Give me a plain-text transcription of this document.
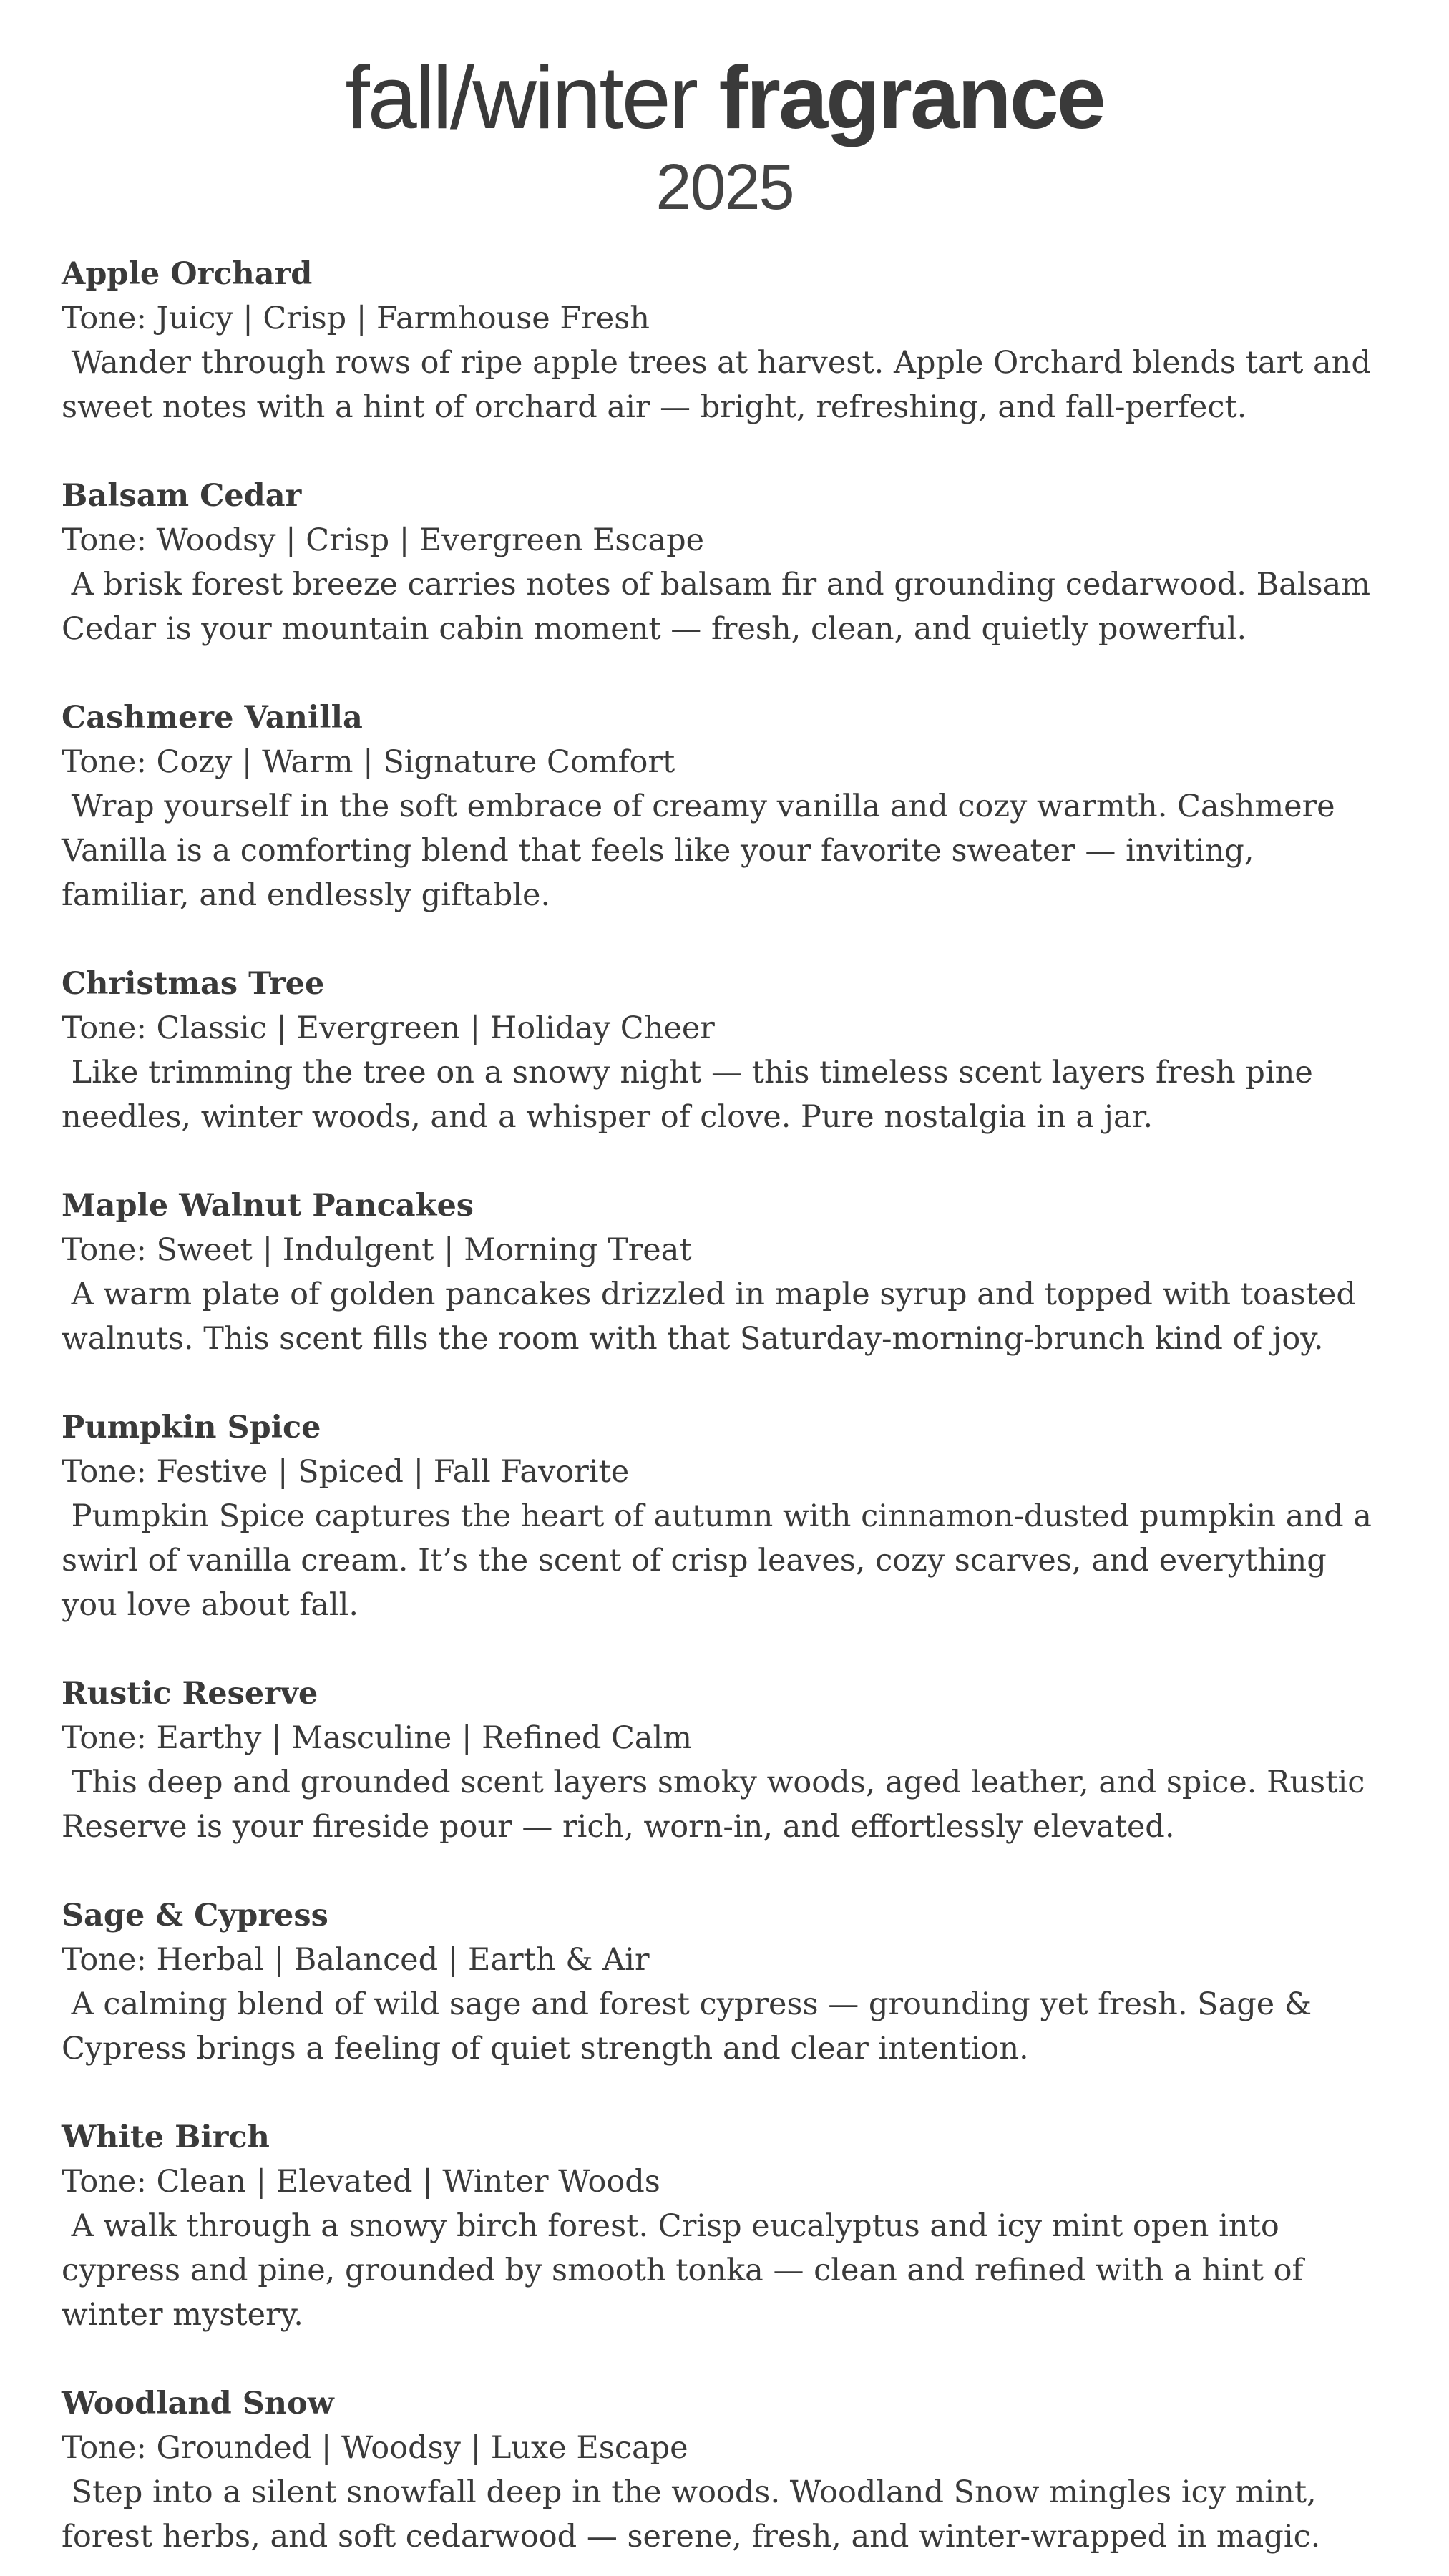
fall/winter fragrance
2025

Apple Orchard

Tone: Juicy | Crisp | Farmhouse Fresh

Wander through rows of ripe apple trees at harvest. Apple Orchard blends tart and sweet notes with a hint of orchard air — bright, refreshing, and fall-perfect.

Balsam Cedar

Tone: Woodsy | Crisp | Evergreen Escape

A brisk forest breeze carries notes of balsam fir and grounding cedarwood. Balsam Cedar is your mountain cabin moment — fresh, clean, and quietly powerful.

Cashmere Vanilla

Tone: Cozy | Warm | Signature Comfort

Wrap yourself in the soft embrace of creamy vanilla and cozy warmth. Cashmere Vanilla is a comforting blend that feels like your favorite sweater — inviting, familiar, and endlessly giftable.

Christmas Tree

Tone: Classic | Evergreen | Holiday Cheer

Like trimming the tree on a snowy night — this timeless scent layers fresh pine needles, winter woods, and a whisper of clove. Pure nostalgia in a jar.

Maple Walnut Pancakes

Tone: Sweet | Indulgent | Morning Treat

A warm plate of golden pancakes drizzled in maple syrup and topped with toasted walnuts. This scent fills the room with that Saturday-morning-brunch kind of joy.

Pumpkin Spice

Tone: Festive | Spiced | Fall Favorite

Pumpkin Spice captures the heart of autumn with cinnamon-dusted pumpkin and a swirl of vanilla cream. It’s the scent of crisp leaves, cozy scarves, and everything you love about fall.

Rustic Reserve

Tone: Earthy | Masculine | Refined Calm

This deep and grounded scent layers smoky woods, aged leather, and spice. Rustic Reserve is your fireside pour — rich, worn-in, and effortlessly elevated.

Sage & Cypress

Tone: Herbal | Balanced | Earth & Air

A calming blend of wild sage and forest cypress — grounding yet fresh. Sage & Cypress brings a feeling of quiet strength and clear intention.

White Birch

Tone: Clean | Elevated | Winter Woods

A walk through a snowy birch forest. Crisp eucalyptus and icy mint open into cypress and pine, grounded by smooth tonka — clean and refined with a hint of winter mystery.

Woodland Snow

Tone: Grounded | Woodsy | Luxe Escape

Step into a silent snowfall deep in the woods. Woodland Snow mingles icy mint, forest herbs, and soft cedarwood — serene, fresh, and winter-wrapped in magic.
